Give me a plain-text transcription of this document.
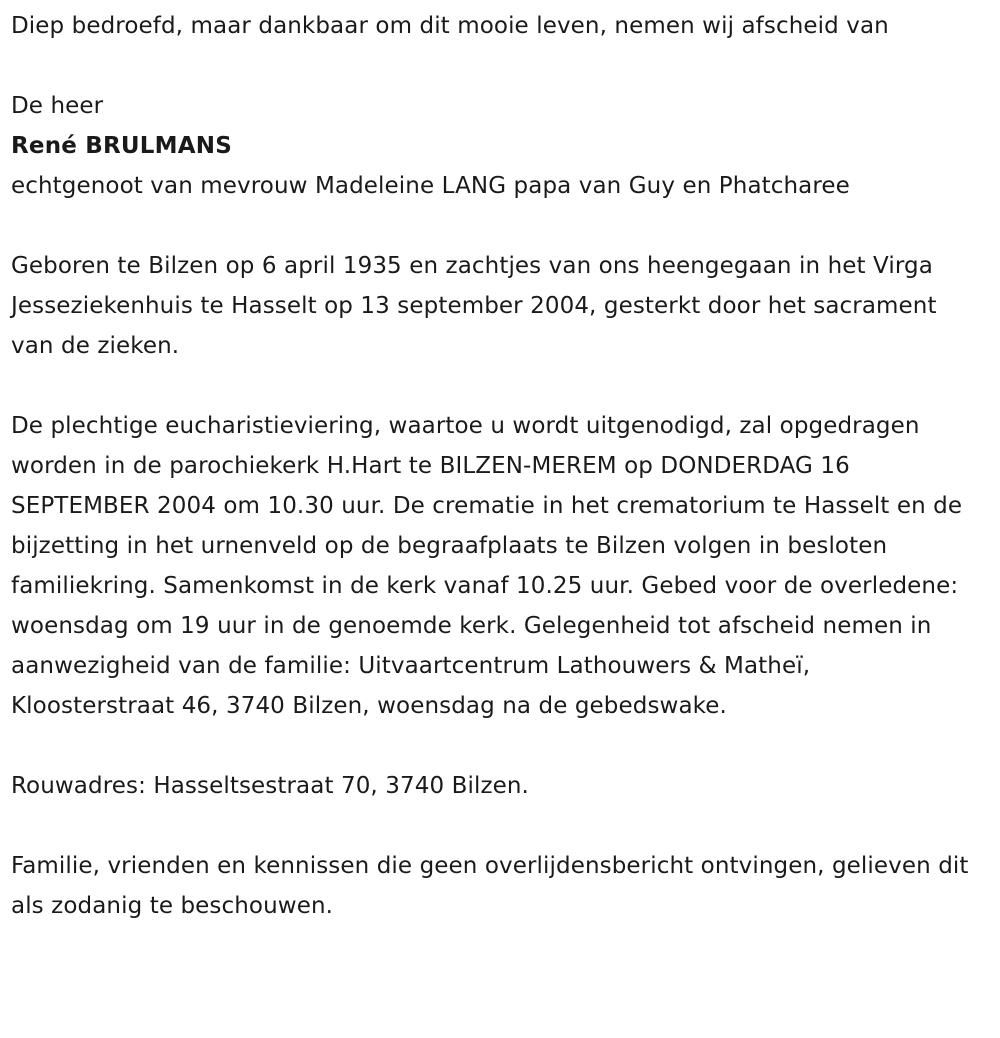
Diep bedroefd, maar dankbaar om dit mooie leven, nemen wij afscheid van

De heer

René BRULMANS

echtgenoot van mevrouw Madeleine LANG papa van Guy en Phatcharee

Geboren te Bilzen op 6 april 1935 en zachtjes van ons heengegaan in het Virga Jesseziekenhuis te Hasselt op 13 september 2004, gesterkt door het sacrament van de zieken.

De plechtige eucharistieviering, waartoe u wordt uitgenodigd, zal opgedragen worden in de parochiekerk H.Hart te BILZEN-MEREM op DONDERDAG 16 SEPTEMBER 2004 om 10.30 uur. De crematie in het crematorium te Hasselt en de bijzetting in het urnenveld op de begraafplaats te Bilzen volgen in besloten familiekring. Samenkomst in de kerk vanaf 10.25 uur. Gebed voor de overledene: woensdag om 19 uur in de genoemde kerk. Gelegenheid tot afscheid nemen in aanwezigheid van de familie: Uitvaartcentrum Lathouwers & Matheï, Kloosterstraat 46, 3740 Bilzen, woensdag na de gebedswake.

Rouwadres: Hasseltsestraat 70, 3740 Bilzen.

Familie, vrienden en kennissen die geen overlijdensbericht ontvingen, gelieven dit als zodanig te beschouwen.
